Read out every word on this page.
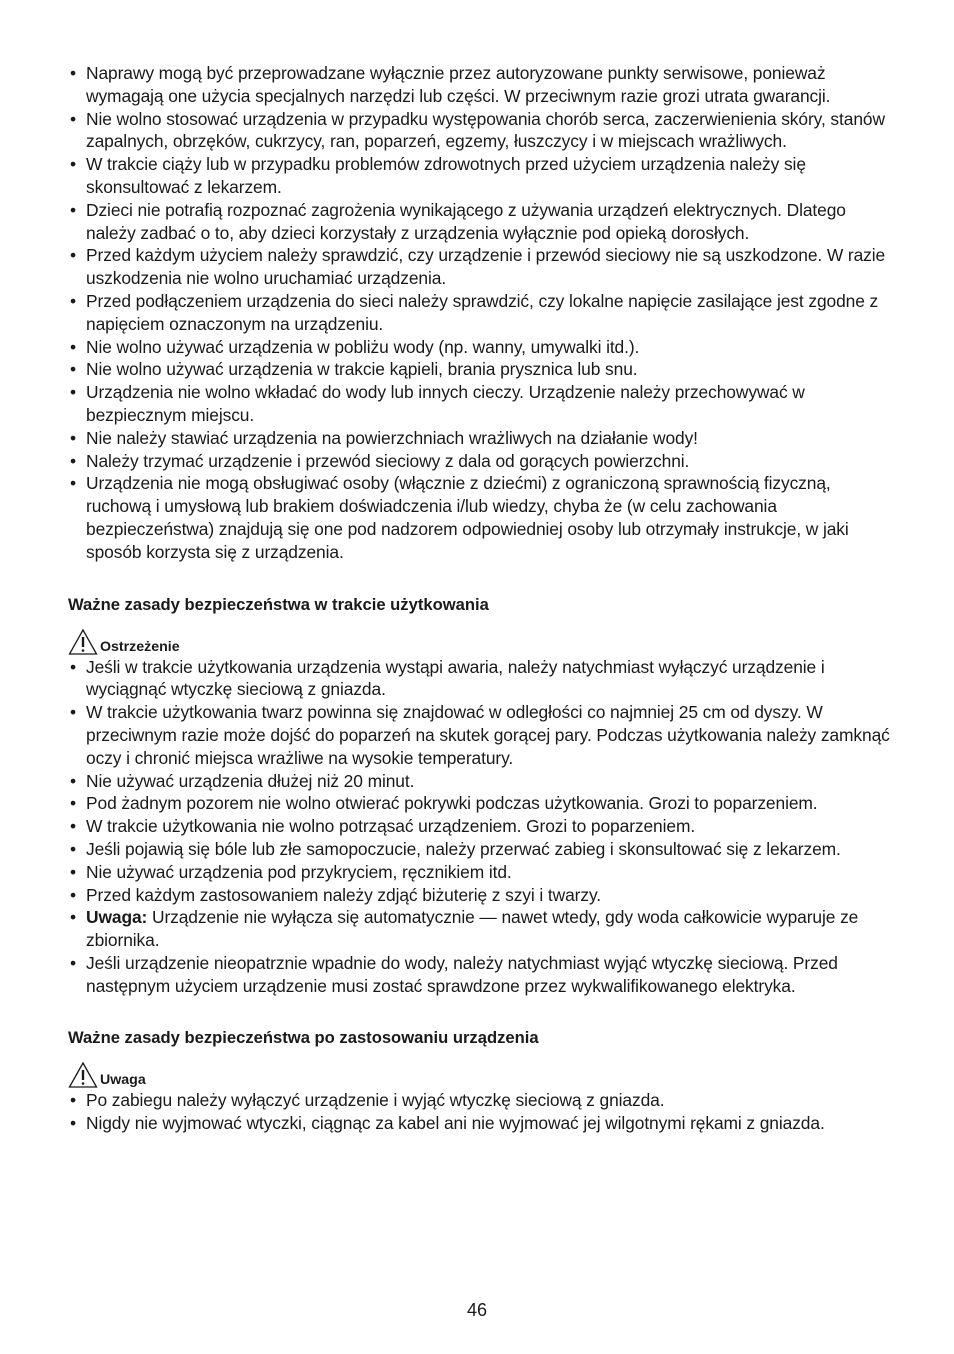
• Naprawy mogą być przeprowadzane wyłącznie przez autoryzowane punkty serwisowe, ponieważ wymagają one użycia specjalnych narzędzi lub części. W przeciwnym razie grozi utrata gwarancji.
• Nie wolno stosować urządzenia w przypadku występowania chorób serca, zaczerwienienia skóry, stanów zapalnych, obrzęków, cukrzycy, ran, poparzeń, egzemy, łuszczycy i w miejscach wrażliwych.
• W trakcie ciąży lub w przypadku problemów zdrowotnych przed użyciem urządzenia należy się skonsultować z lekarzem.
• Dzieci nie potrafią rozpoznać zagrożenia wynikającego z używania urządzeń elektrycznych. Dlatego należy zadbać o to, aby dzieci korzystały z urządzenia wyłącznie pod opieką dorosłych.
• Przed każdym użyciem należy sprawdzić, czy urządzenie i przewód sieciowy nie są uszkodzone. W razie uszkodzenia nie wolno uruchamiać urządzenia.
• Przed podłączeniem urządzenia do sieci należy sprawdzić, czy lokalne napięcie zasilające jest zgodne z napięciem oznaczonym na urządzeniu.
• Nie wolno używać urządzenia w pobliżu wody (np. wanny, umywalki itd.).
• Nie wolno używać urządzenia w trakcie kąpieli, brania prysznica lub snu.
• Urządzenia nie wolno wkładać do wody lub innych cieczy. Urządzenie należy przechowywać w bezpiecznym miejscu.
• Nie należy stawiać urządzenia na powierzchniach wrażliwych na działanie wody!
• Należy trzymać urządzenie i przewód sieciowy z dala od gorących powierzchni.
• Urządzenia nie mogą obsługiwać osoby (włącznie z dziećmi) z ograniczoną sprawnością fizyczną, ruchową i umysłową lub brakiem doświadczenia i/lub wiedzy, chyba że (w celu zachowania bezpieczeństwa) znajdują się one pod nadzorem odpowiedniej osoby lub otrzymały instrukcje, w jaki sposób korzysta się z urządzenia.
Ważne zasady bezpieczeństwa w trakcie użytkowania
Ostrzeżenie
• Jeśli w trakcie użytkowania urządzenia wystąpi awaria, należy natychmiast wyłączyć urządzenie i wyciągnąć wtyczkę sieciową z gniazda.
• W trakcie użytkowania twarz powinna się znajdować w odległości co najmniej 25 cm od dyszy. W przeciwnym razie może dojść do poparzeń na skutek gorącej pary. Podczas użytkowania należy zamknąć oczy i chronić miejsca wrażliwe na wysokie temperatury.
• Nie używać urządzenia dłużej niż 20 minut.
• Pod żadnym pozorem nie wolno otwierać pokrywki podczas użytkowania. Grozi to poparzeniem.
• W trakcie użytkowania nie wolno potrząsać urządzeniem. Grozi to poparzeniem.
• Jeśli pojawią się bóle lub złe samopoczucie, należy przerwać zabieg i skonsultować się z lekarzem.
• Nie używać urządzenia pod przykryciem, ręcznikiem itd.
• Przed każdym zastosowaniem należy zdjąć biżuterię z szyi i twarzy.
• Uwaga: Urządzenie nie wyłącza się automatycznie — nawet wtedy, gdy woda całkowicie wyparuje ze zbiornika.
• Jeśli urządzenie nieopatrznie wpadnie do wody, należy natychmiast wyjąć wtyczkę sieciową. Przed następnym użyciem urządzenie musi zostać sprawdzone przez wykwalifikowanego elektryka.
Ważne zasady bezpieczeństwa po zastosowaniu urządzenia
Uwaga
• Po zabiegu należy wyłączyć urządzenie i wyjąć wtyczkę sieciową z gniazda.
• Nigdy nie wyjmować wtyczki, ciągnąc za kabel ani nie wyjmować jej wilgotnymi rękami z gniazda.
46
